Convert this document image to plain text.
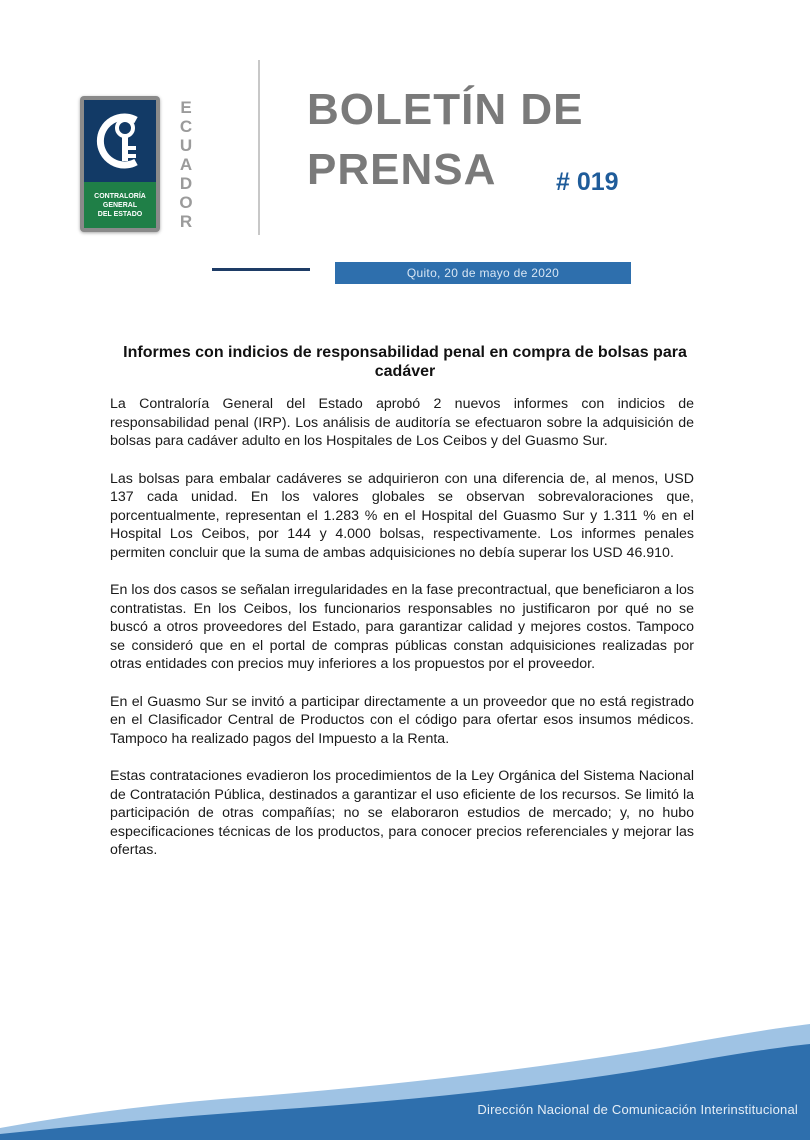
CONTRALORÍA
GENERAL
DEL ESTADO
E
C
U
A
D
O
R
BOLETÍN DE
PRENSA	# 019
Quito, 20 de mayo de 2020
Informes con indicios de responsabilidad penal en compra de bolsas para cadáver

La Contraloría General del Estado aprobó 2 nuevos informes con indicios de responsabilidad penal (IRP). Los análisis de auditoría se efectuaron sobre la adquisición de bolsas para cadáver adulto en los Hospitales de Los Ceibos y del Guasmo Sur.

Las bolsas para embalar cadáveres se adquirieron con una diferencia de, al menos, USD 137 cada unidad. En los valores globales se observan sobrevaloraciones que, porcentualmente, representan el 1.283 % en el Hospital del Guasmo Sur y 1.311 % en el Hospital Los Ceibos, por 144 y 4.000 bolsas, respectivamente. Los informes penales permiten concluir que la suma de ambas adquisiciones no debía superar los USD 46.910.

En los dos casos se señalan irregularidades en la fase precontractual, que beneficiaron a los contratistas. En los Ceibos, los funcionarios responsables no justificaron por qué no se buscó a otros proveedores del Estado, para garantizar calidad y mejores costos. Tampoco se consideró que en el portal de compras públicas constan adquisiciones realizadas por otras entidades con precios muy inferiores a los propuestos por el proveedor.

En el Guasmo Sur se invitó a participar directamente a un proveedor que no está registrado en el Clasificador Central de Productos con el código para ofertar esos insumos médicos. Tampoco ha realizado pagos del Impuesto a la Renta.

Estas contrataciones evadieron los procedimientos de la Ley Orgánica del Sistema Nacional de Contratación Pública, destinados a garantizar el uso eficiente de los recursos. Se limitó la participación de otras compañías; no se elaboraron estudios de mercado; y, no hubo especificaciones técnicas de los productos, para conocer precios referenciales y mejorar las ofertas.

Dirección Nacional de Comunicación Interinstitucional
